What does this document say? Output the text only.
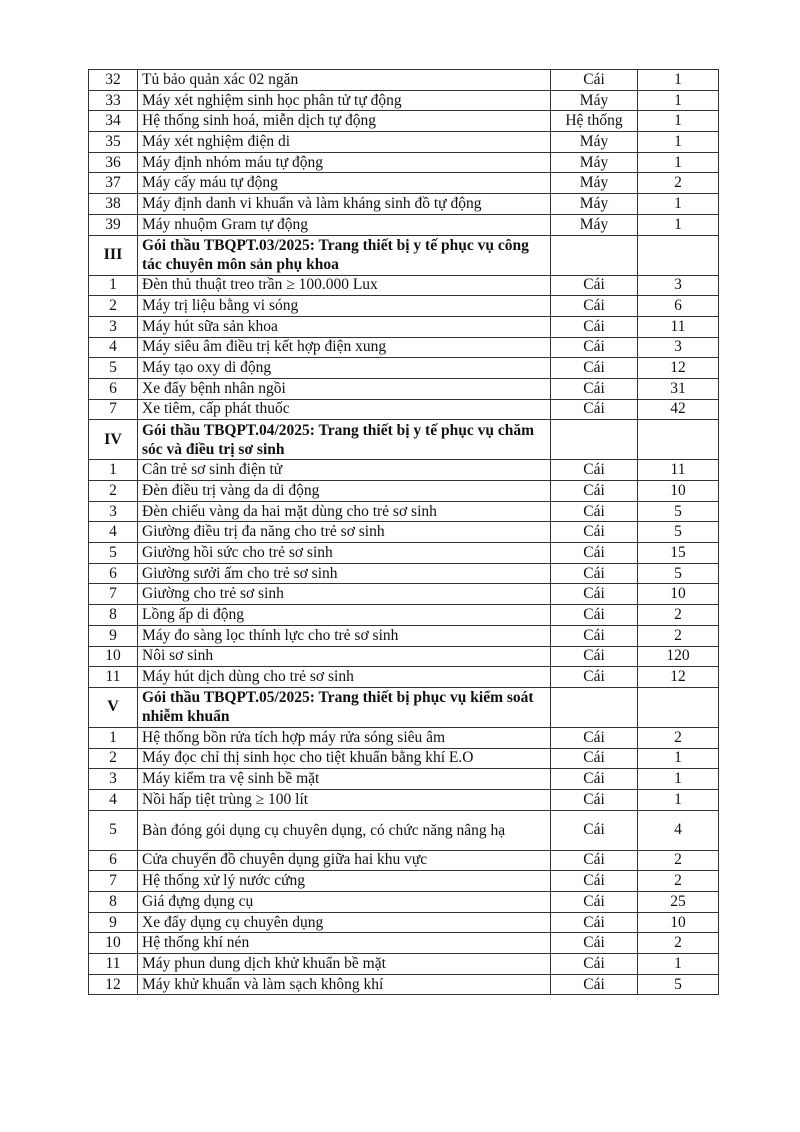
32	Tủ bảo quản xác 02 ngăn	Cái	1
33	Máy xét nghiệm sinh học phân tử tự động	Máy	1
34	Hệ thống sinh hoá, miễn dịch tự động	Hệ thống	1
35	Máy xét nghiệm điện di	Máy	1
36	Máy định nhóm máu tự động	Máy	1
37	Máy cấy máu tự động	Máy	2
38	Máy định danh vi khuẩn và làm kháng sinh đồ tự động	Máy	1
39	Máy nhuộm Gram tự động	Máy	1
III	Gói thầu TBQPT.03/2025: Trang thiết bị y tế phục vụ công tác chuyên môn sản phụ khoa		
1	Đèn thủ thuật treo trần ≥ 100.000 Lux	Cái	3
2	Máy trị liệu bằng vi sóng	Cái	6
3	Máy hút sữa sản khoa	Cái	11
4	Máy siêu âm điều trị kết hợp điện xung	Cái	3
5	Máy tạo oxy di động	Cái	12
6	Xe đẩy bệnh nhân ngồi	Cái	31
7	Xe tiêm, cấp phát thuốc	Cái	42
IV	Gói thầu TBQPT.04/2025: Trang thiết bị y tế phục vụ chăm sóc và điều trị sơ sinh		
1	Cân trẻ sơ sinh điện tử	Cái	11
2	Đèn điều trị vàng da di động	Cái	10
3	Đèn chiếu vàng da hai mặt dùng cho trẻ sơ sinh	Cái	5
4	Giường điều trị đa năng cho trẻ sơ sinh	Cái	5
5	Giường hồi sức cho trẻ sơ sinh	Cái	15
6	Giường sưởi ấm cho trẻ sơ sinh	Cái	5
7	Giường cho trẻ sơ sinh	Cái	10
8	Lồng ấp di động	Cái	2
9	Máy đo sàng lọc thính lực cho trẻ sơ sinh	Cái	2
10	Nôi sơ sinh	Cái	120
11	Máy hút dịch dùng cho trẻ sơ sinh	Cái	12
V	Gói thầu TBQPT.05/2025: Trang thiết bị phục vụ kiểm soát nhiễm khuẩn		
1	Hệ thống bồn rửa tích hợp máy rửa sóng siêu âm	Cái	2
2	Máy đọc chỉ thị sinh học cho tiệt khuẩn bằng khí E.O	Cái	1
3	Máy kiểm tra vệ sinh bề mặt	Cái	1
4	Nồi hấp tiệt trùng ≥ 100 lít	Cái	1
5	Bàn đóng gói dụng cụ chuyên dụng, có chức năng nâng hạ	Cái	4
6	Cửa chuyển đồ chuyên dụng giữa hai khu vực	Cái	2
7	Hệ thống xử lý nước cứng	Cái	2
8	Giá đựng dụng cụ	Cái	25
9	Xe đẩy dụng cụ chuyên dụng	Cái	10
10	Hệ thống khí nén	Cái	2
11	Máy phun dung dịch khử khuẩn bề mặt	Cái	1
12	Máy khử khuẩn và làm sạch không khí	Cái	5
